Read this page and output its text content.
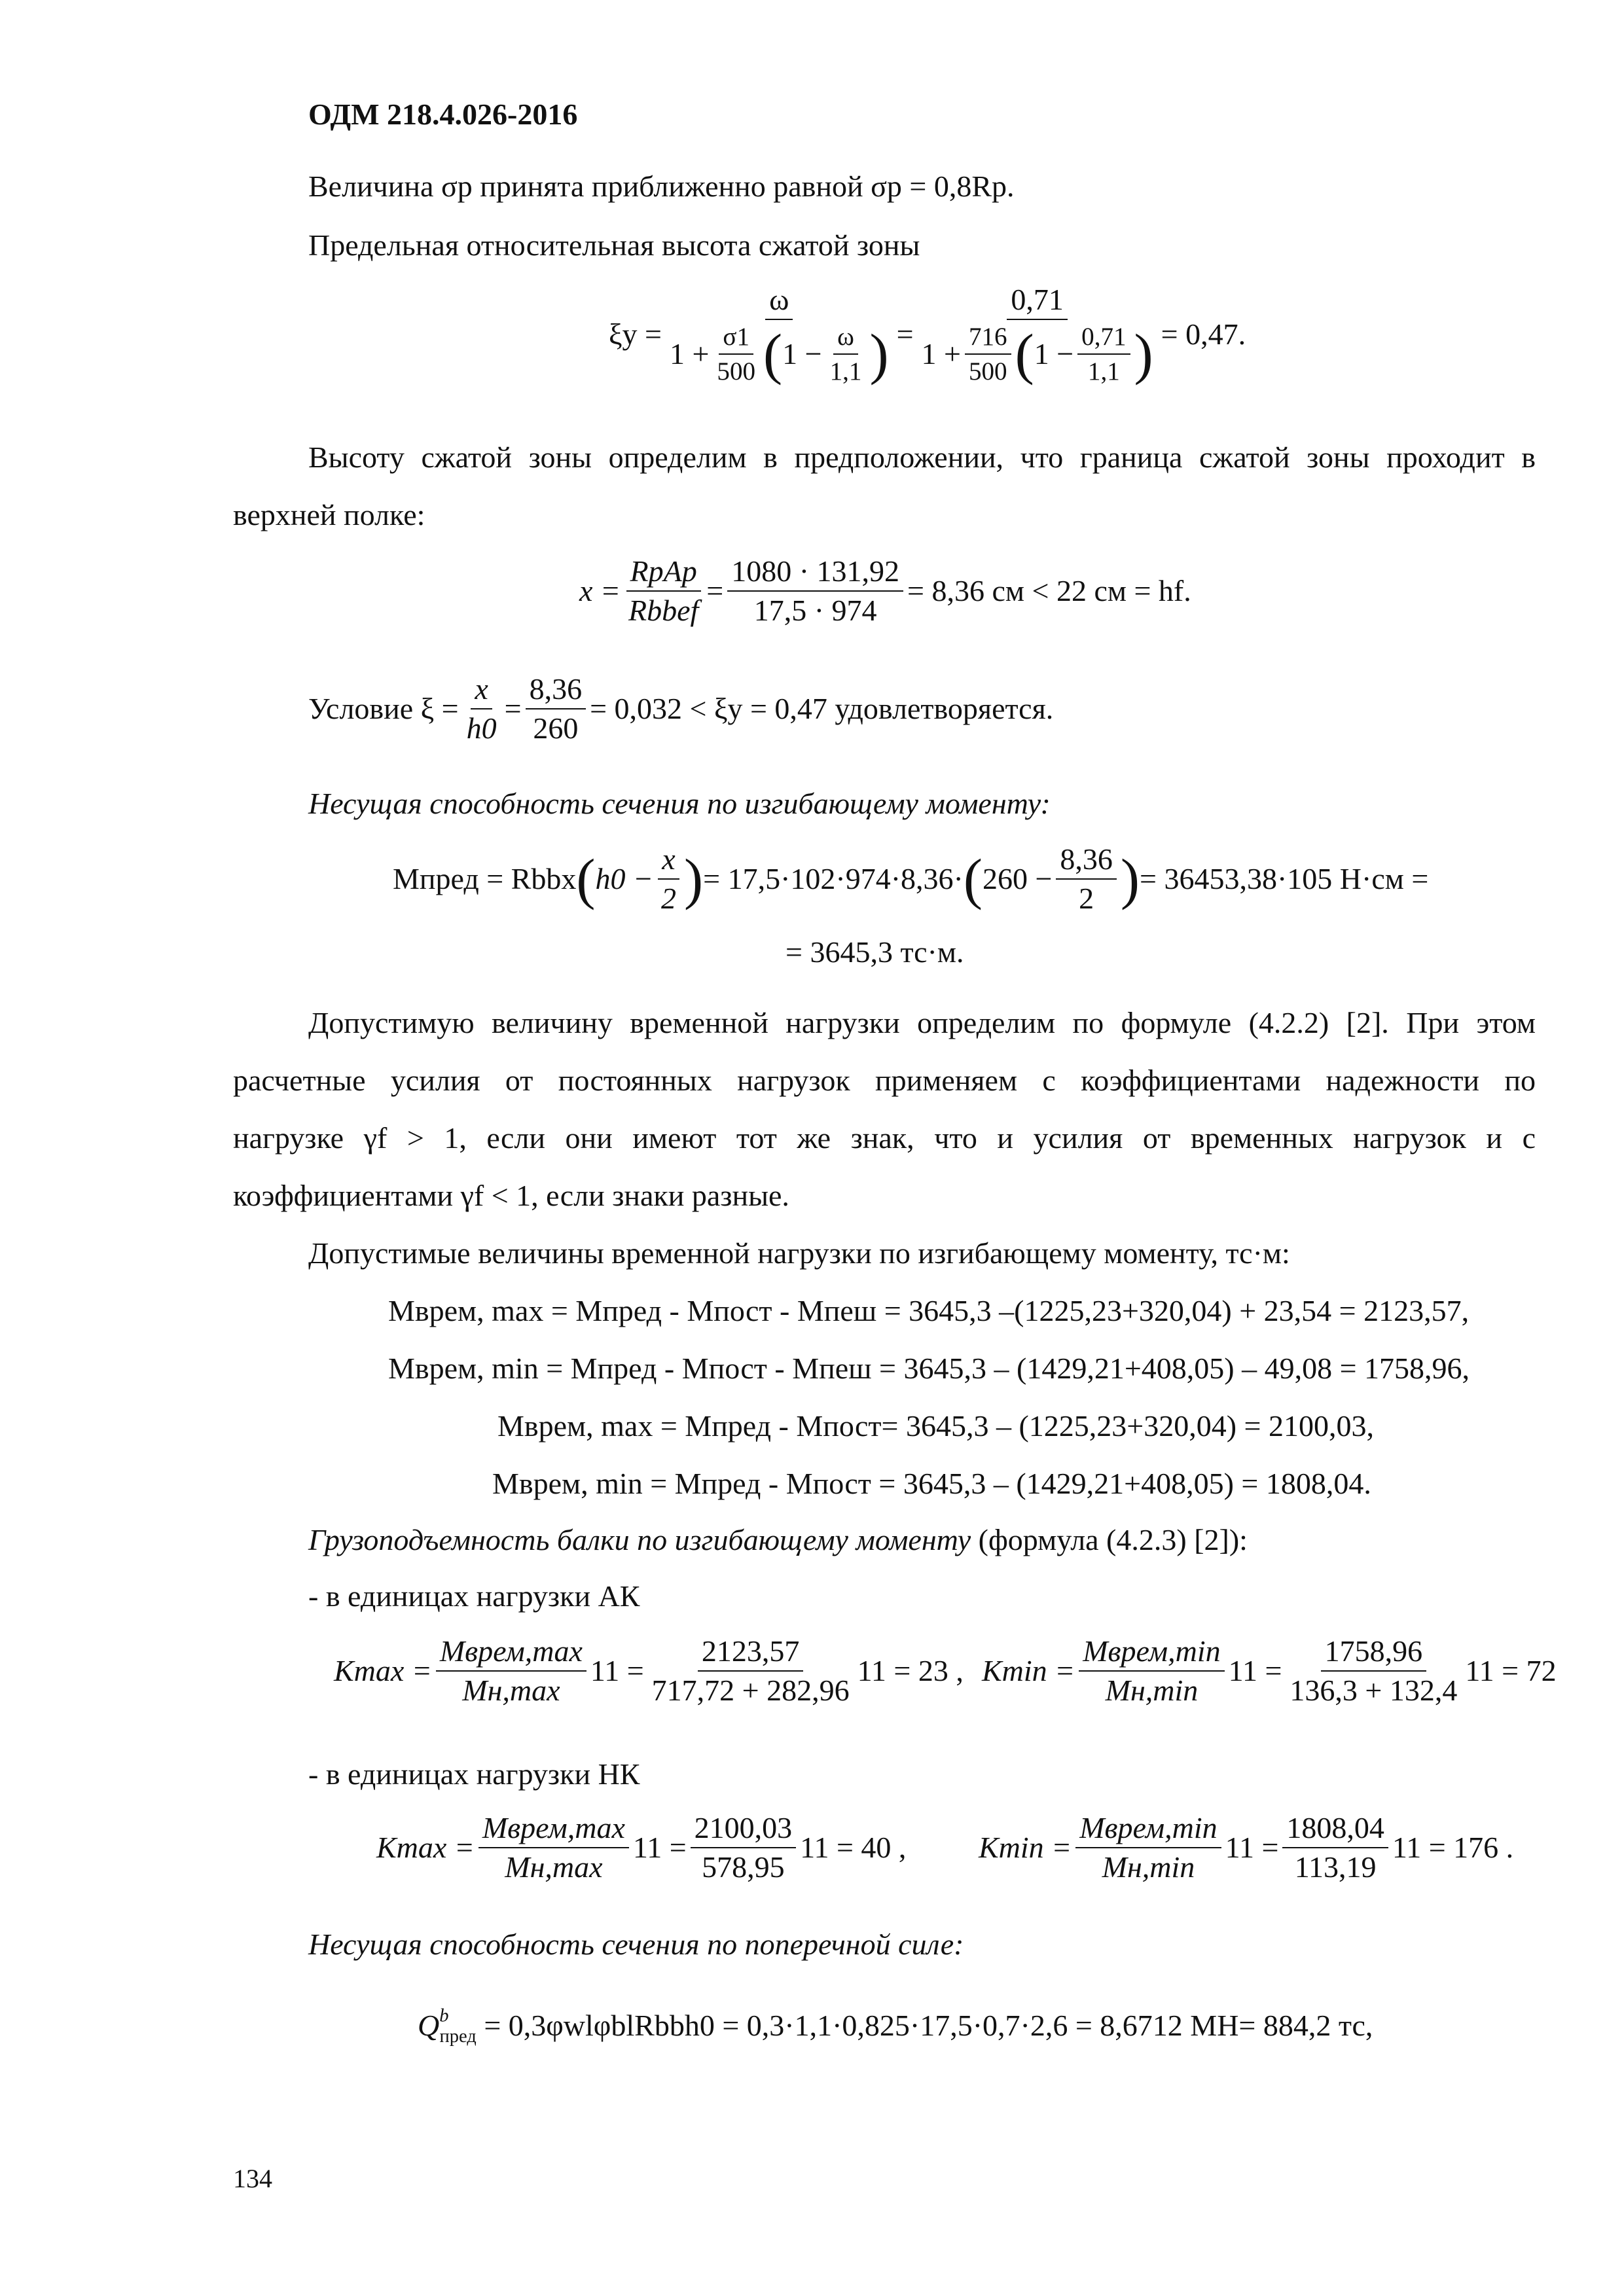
ОДМ 218.4.026-2016
Величина σp принята приближенно равной σp = 0,8Rp.
Предельная относительная высота сжатой зоны
ξy =
ω
$1 + \frac{\sigma 1}{500}$ ( $1 - \frac{\omega}{1,1}$ ) =
0,71
$1 + \frac{716}{500}$ ( $1 - \frac{0,71}{1,1}$ ) = 0,47.
Высоту сжатой зоны определим в предположении, что граница сжатой зоны проходит в
верхней полке:
$x = \frac{\text{RpAp}}{\text{Rbbef}} = \frac{1080 \cdot 131,92}{17,5 \cdot 974} = 8,36$ см < 22 см = hf.
Условие $\xi = \frac{x}{h0} = \frac{8,36}{260} = 0,032 < \xi y = 0,47$ удовлетворяется.
Несущая способность сечения по изгибающему моменту:
Mпред = Rbbx ( $h0 - \frac{x}{2}$ ) = 17,5·102·974·8,36· ( $260 - \frac{8,36}{2}$ ) = 36453,38·105 Н·см =
= 3645,3 тс·м.
Допустимую величину временной нагрузки определим по формуле (4.2.2) [2]. При этом
расчетные усилия от постоянных нагрузок применяем с коэффициентами надежности по
нагрузке γf > 1, если они имеют тот же знак, что и усилия от временных нагрузок и с
коэффициентами γf < 1, если знаки разные.
Допустимые величины временной нагрузки по изгибающему моменту, тс·м:
Mврем, max = Mпред - Mпост - Mпеш = 3645,3 –(1225,23+320,04) + 23,54 = 2123,57,
Mврем, min = Mпред - Mпост - Mпеш = 3645,3 – (1429,21+408,05) – 49,08 = 1758,96,
Mврем, max = Mпред - Mпост= 3645,3 – (1225,23+320,04) = 2100,03,
Mврем, min = Mпред - Mпост = 3645,3 – (1429,21+408,05) = 1808,04.
Грузоподъемность балки по изгибающему моменту (формула (4.2.3) [2]):
- в единицах нагрузки АК
$Kmax = \frac{\text{Mврем,max}}{Mн,\max} 11 = \frac{2123,57}{717,72 + 282,96} 11 = 23$ , $Kmin = \frac{\text{Mврем,min}}{Mн,\min} 11 = \frac{1758,96}{136,3 + 132,4} 11 = 72$
- в единицах нагрузки НК
$Kmax = \frac{\text{Mврем,max}}{Mн,\max} 11 = \frac{2100,03}{578,95} 11 = 40$ , $Kmin = \frac{\text{Mврем,min}}{Mн,\min} 11 = \frac{1808,04}{113,19} 11 = 176$ .
Несущая способность сечения по поперечной силе:
$Q^b_{пред}$ = 0,3φwlφblRbbh0 = 0,3·1,1·0,825·17,5·0,7·2,6 = 8,6712 МН= 884,2 тс,
134
